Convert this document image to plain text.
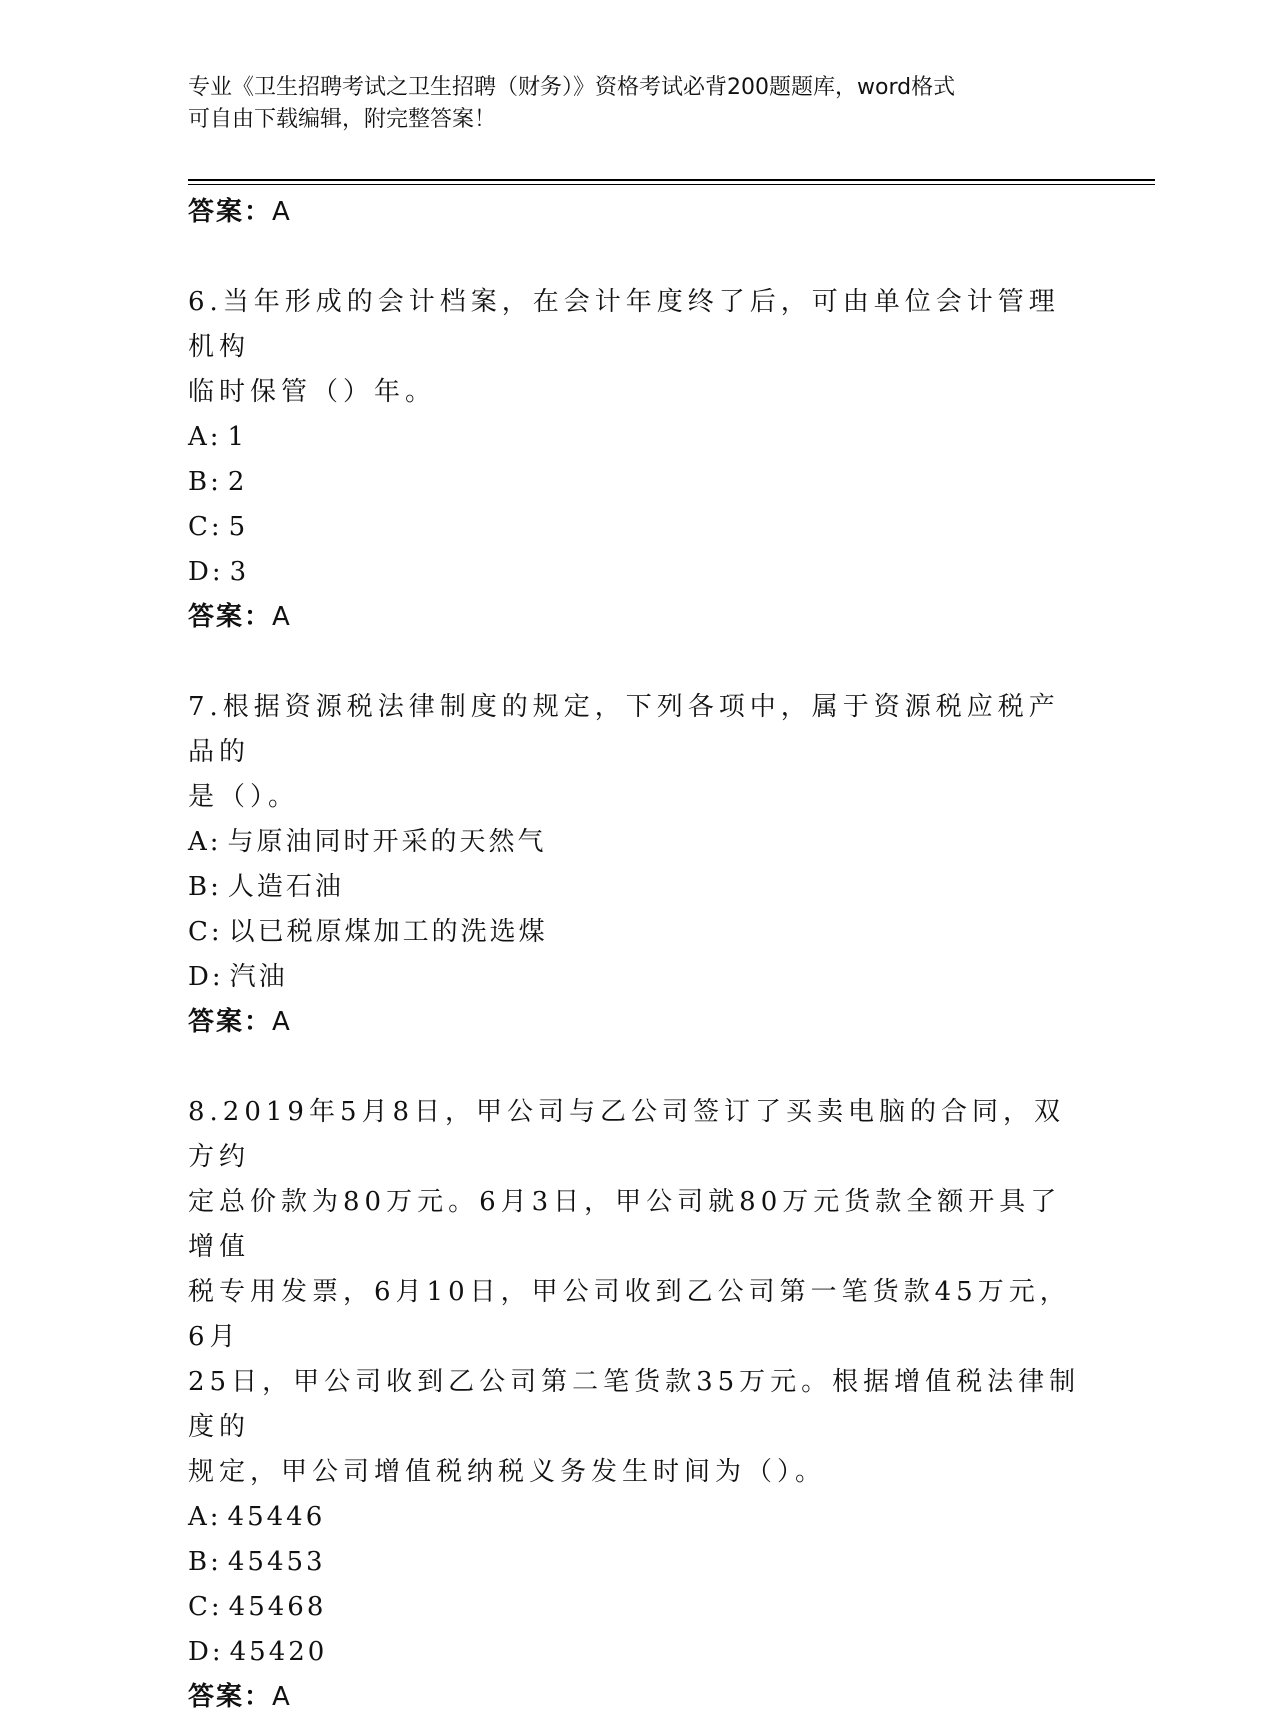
专业《卫生招聘考试之卫生招聘（财务）》资格考试必背200题题库，word格式
可自由下载编辑，附完整答案！
答案：A
6.当年形成的会计档案，在会计年度终了后，可由单位会计管理机构
临时保管（）年。
A: 1
B: 2
C: 5
D: 3
答案：A
7.根据资源税法律制度的规定，下列各项中，属于资源税应税产品的
是（）。
A: 与原油同时开采的天然气
B: 人造石油
C: 以已税原煤加工的洗选煤
D: 汽油
答案：A
8.2019年5月8日，甲公司与乙公司签订了买卖电脑的合同，双方约
定总价款为80万元。6月3日，甲公司就80万元货款全额开具了增值
税专用发票，6月10日，甲公司收到乙公司第一笔货款45万元，6月
25日，甲公司收到乙公司第二笔货款35万元。根据增值税法律制度的
规定，甲公司增值税纳税义务发生时间为（）。
A: 45446
B: 45453
C: 45468
D: 45420
答案：A
